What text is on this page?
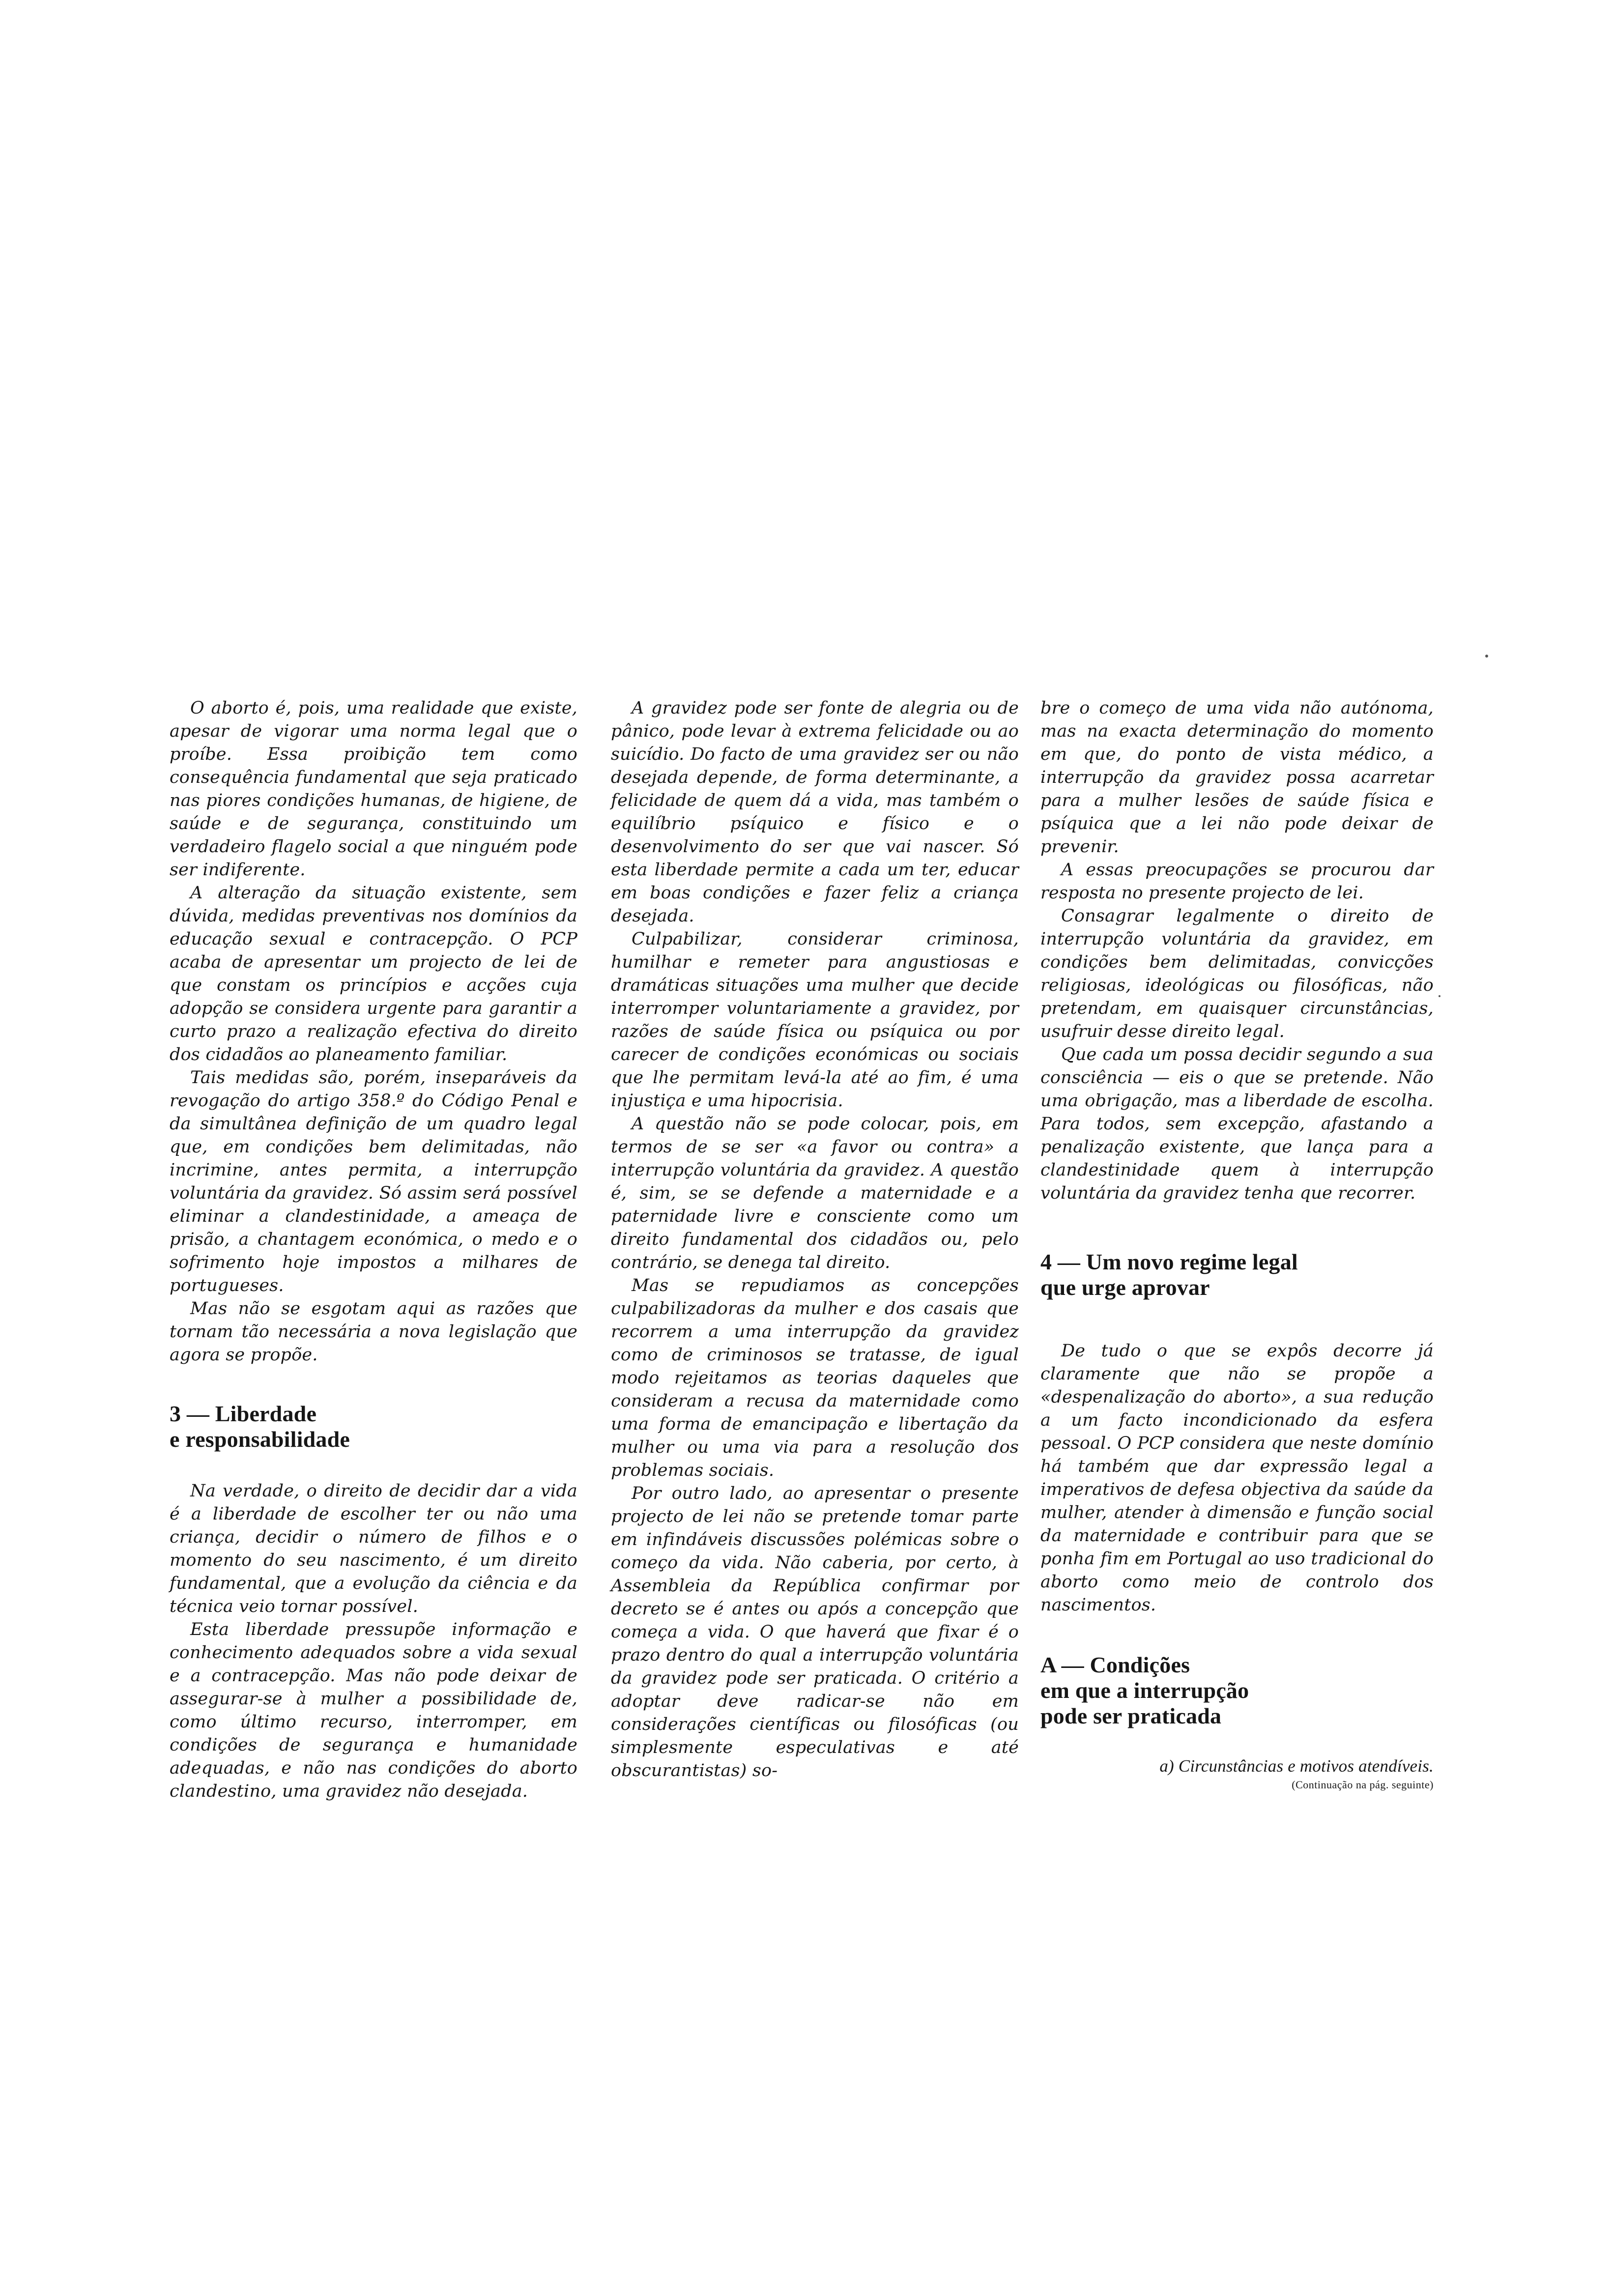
O aborto é, pois, uma realidade que existe, apesar de vigorar uma norma legal que o proíbe. Essa proibição tem como consequência fundamental que seja praticado nas piores condições humanas, de higiene, de saúde e de segurança, constituindo um verdadeiro flagelo social a que ninguém pode ser indiferente.

A alteração da situação existente, sem dúvida, medidas preventivas nos domínios da educação sexual e contracepção. O PCP acaba de apresentar um projecto de lei de que constam os princípios e acções cuja adopção se considera urgente para garantir a curto prazo a realização efectiva do direito dos cidadãos ao planeamento familiar.

Tais medidas são, porém, inseparáveis da revogação do artigo 358.º do Código Penal e da simultânea definição de um quadro legal que, em condições bem delimitadas, não incrimine, antes permita, a interrupção voluntária da gravidez. Só assim será possível eliminar a clandestinidade, a ameaça de prisão, a chantagem económica, o medo e o sofrimento hoje impostos a milhares de portugueses.

Mas não se esgotam aqui as razões que tornam tão necessária a nova legislação que agora se propõe.

3 — Liberdade
e responsabilidade

Na verdade, o direito de decidir dar a vida é a liberdade de escolher ter ou não uma criança, decidir o número de filhos e o momento do seu nascimento, é um direito fundamental, que a evolução da ciência e da técnica veio tornar possível.

Esta liberdade pressupõe informação e conhecimento adequados sobre a vida sexual e a contracepção. Mas não pode deixar de assegurar-se à mulher a possibilidade de, como último recurso, interromper, em condições de segurança e humanidade adequadas, e não nas condições do aborto clandestino, uma gravidez não desejada.

A gravidez pode ser fonte de alegria ou de pânico, pode levar à extrema felicidade ou ao suicídio. Do facto de uma gravidez ser ou não desejada depende, de forma determinante, a felicidade de quem dá a vida, mas também o equilíbrio psíquico e físico e o desenvolvimento do ser que vai nascer. Só esta liberdade permite a cada um ter, educar em boas condições e fazer feliz a criança desejada.

Culpabilizar, considerar criminosa, humilhar e remeter para angustiosas e dramáticas situações uma mulher que decide interromper voluntariamente a gravidez, por razões de saúde física ou psíquica ou por carecer de condições económicas ou sociais que lhe permitam levá-la até ao fim, é uma injustiça e uma hipocrisia.

A questão não se pode colocar, pois, em termos de se ser «a favor ou contra» a interrupção voluntária da gravidez. A questão é, sim, se se defende a maternidade e a paternidade livre e consciente como um direito fundamental dos cidadãos ou, pelo contrário, se denega tal direito.

Mas se repudiamos as concepções culpabilizadoras da mulher e dos casais que recorrem a uma interrupção da gravidez como de criminosos se tratasse, de igual modo rejeitamos as teorias daqueles que consideram a recusa da maternidade como uma forma de emancipação e libertação da mulher ou uma via para a resolução dos problemas sociais.

Por outro lado, ao apresentar o presente projecto de lei não se pretende tomar parte em infindáveis discussões polémicas sobre o começo da vida. Não caberia, por certo, à Assembleia da República confirmar por decreto se é antes ou após a concepção que começa a vida. O que haverá que fixar é o prazo dentro do qual a interrupção voluntária da gravidez pode ser praticada. O critério a adoptar deve radicar-se não em considerações científicas ou filosóficas (ou simplesmente especulativas e até obscurantistas) so-

bre o começo de uma vida não autónoma, mas na exacta determinação do momento em que, do ponto de vista médico, a interrupção da gravidez possa acarretar para a mulher lesões de saúde física e psíquica que a lei não pode deixar de prevenir.

A essas preocupações se procurou dar resposta no presente projecto de lei.

Consagrar legalmente o direito de interrupção voluntária da gravidez, em condições bem delimitadas, convicções religiosas, ideológicas ou filosóficas, não pretendam, em quaisquer circunstâncias, usufruir desse direito legal.

Que cada um possa decidir segundo a sua consciência — eis o que se pretende. Não uma obrigação, mas a liberdade de escolha. Para todos, sem excepção, afastando a penalização existente, que lança para a clandestinidade quem à interrupção voluntária da gravidez tenha que recorrer.

4 — Um novo regime legal
que urge aprovar

De tudo o que se expôs decorre já claramente que não se propõe a «despenalização do aborto», a sua redução a um facto incondicionado da esfera pessoal. O PCP considera que neste domínio há também que dar expressão legal a imperativos de defesa objectiva da saúde da mulher, atender à dimensão e função social da maternidade e contribuir para que se ponha fim em Portugal ao uso tradicional do aborto como meio de controlo dos nascimentos.

A — Condições
em que a interrupção
pode ser praticada

a) Circunstâncias e motivos atendíveis.

(Continuação na pág. seguinte)
